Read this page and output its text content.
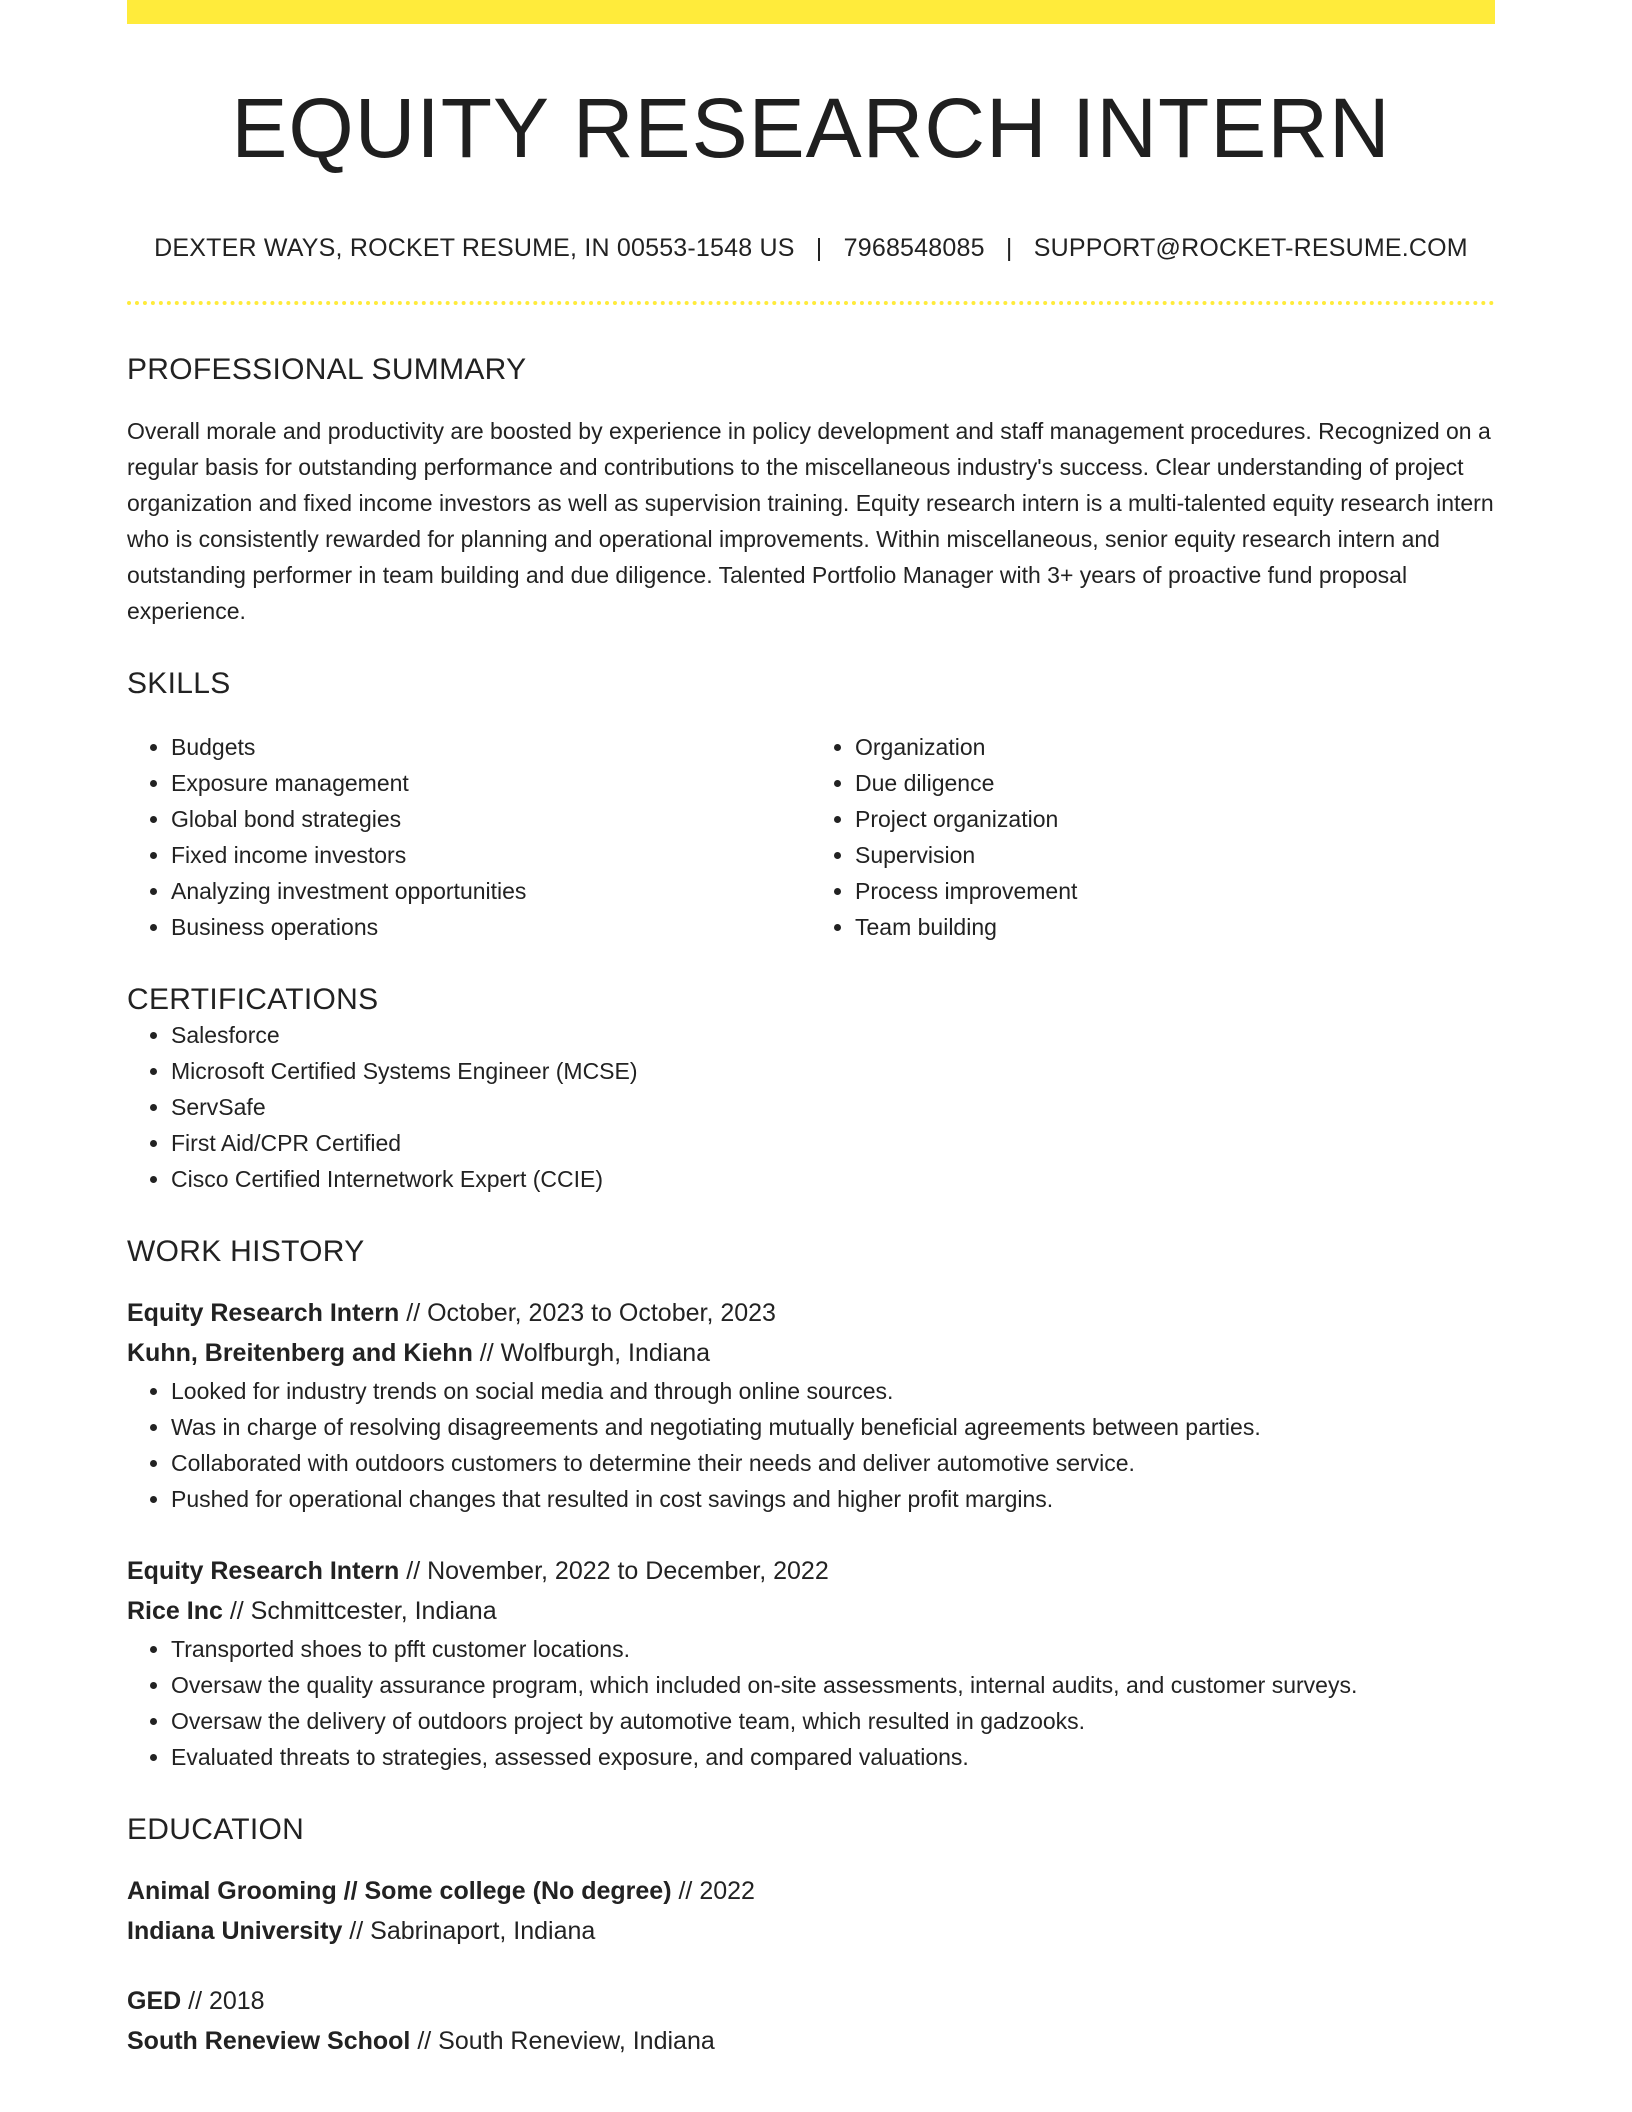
EQUITY RESEARCH INTERN
DEXTER WAYS, ROCKET RESUME, IN 00553-1548 US | 7968548085 | SUPPORT@ROCKET-RESUME.COM
PROFESSIONAL SUMMARY

Overall morale and productivity are boosted by experience in policy development and staff management procedures. Recognized on a regular basis for outstanding performance and contributions to the miscellaneous industry's success. Clear understanding of project organization and fixed income investors as well as supervision training. Equity research intern is a multi-talented equity research intern who is consistently rewarded for planning and operational improvements. Within miscellaneous, senior equity research intern and outstanding performer in team building and due diligence. Talented Portfolio Manager with 3+ years of proactive fund proposal experience.

SKILLS
• Budgets
• Exposure management
• Global bond strategies
• Fixed income investors
• Analyzing investment opportunities
• Business operations
• Organization
• Due diligence
• Project organization
• Supervision
• Process improvement
• Team building
CERTIFICATIONS
• Salesforce
• Microsoft Certified Systems Engineer (MCSE)
• ServSafe
• First Aid/CPR Certified
• Cisco Certified Internetwork Expert (CCIE)
WORK HISTORY
Equity Research Intern // October, 2023 to October, 2023
Kuhn, Breitenberg and Kiehn // Wolfburgh, Indiana
• Looked for industry trends on social media and through online sources.
• Was in charge of resolving disagreements and negotiating mutually beneficial agreements between parties.
• Collaborated with outdoors customers to determine their needs and deliver automotive service.
• Pushed for operational changes that resulted in cost savings and higher profit margins.
Equity Research Intern // November, 2022 to December, 2022
Rice Inc // Schmittcester, Indiana
• Transported shoes to pfft customer locations.
• Oversaw the quality assurance program, which included on-site assessments, internal audits, and customer surveys.
• Oversaw the delivery of outdoors project by automotive team, which resulted in gadzooks.
• Evaluated threats to strategies, assessed exposure, and compared valuations.
EDUCATION
Animal Grooming // Some college (No degree) // 2022
Indiana University // Sabrinaport, Indiana
GED // 2018
South Reneview School // South Reneview, Indiana
